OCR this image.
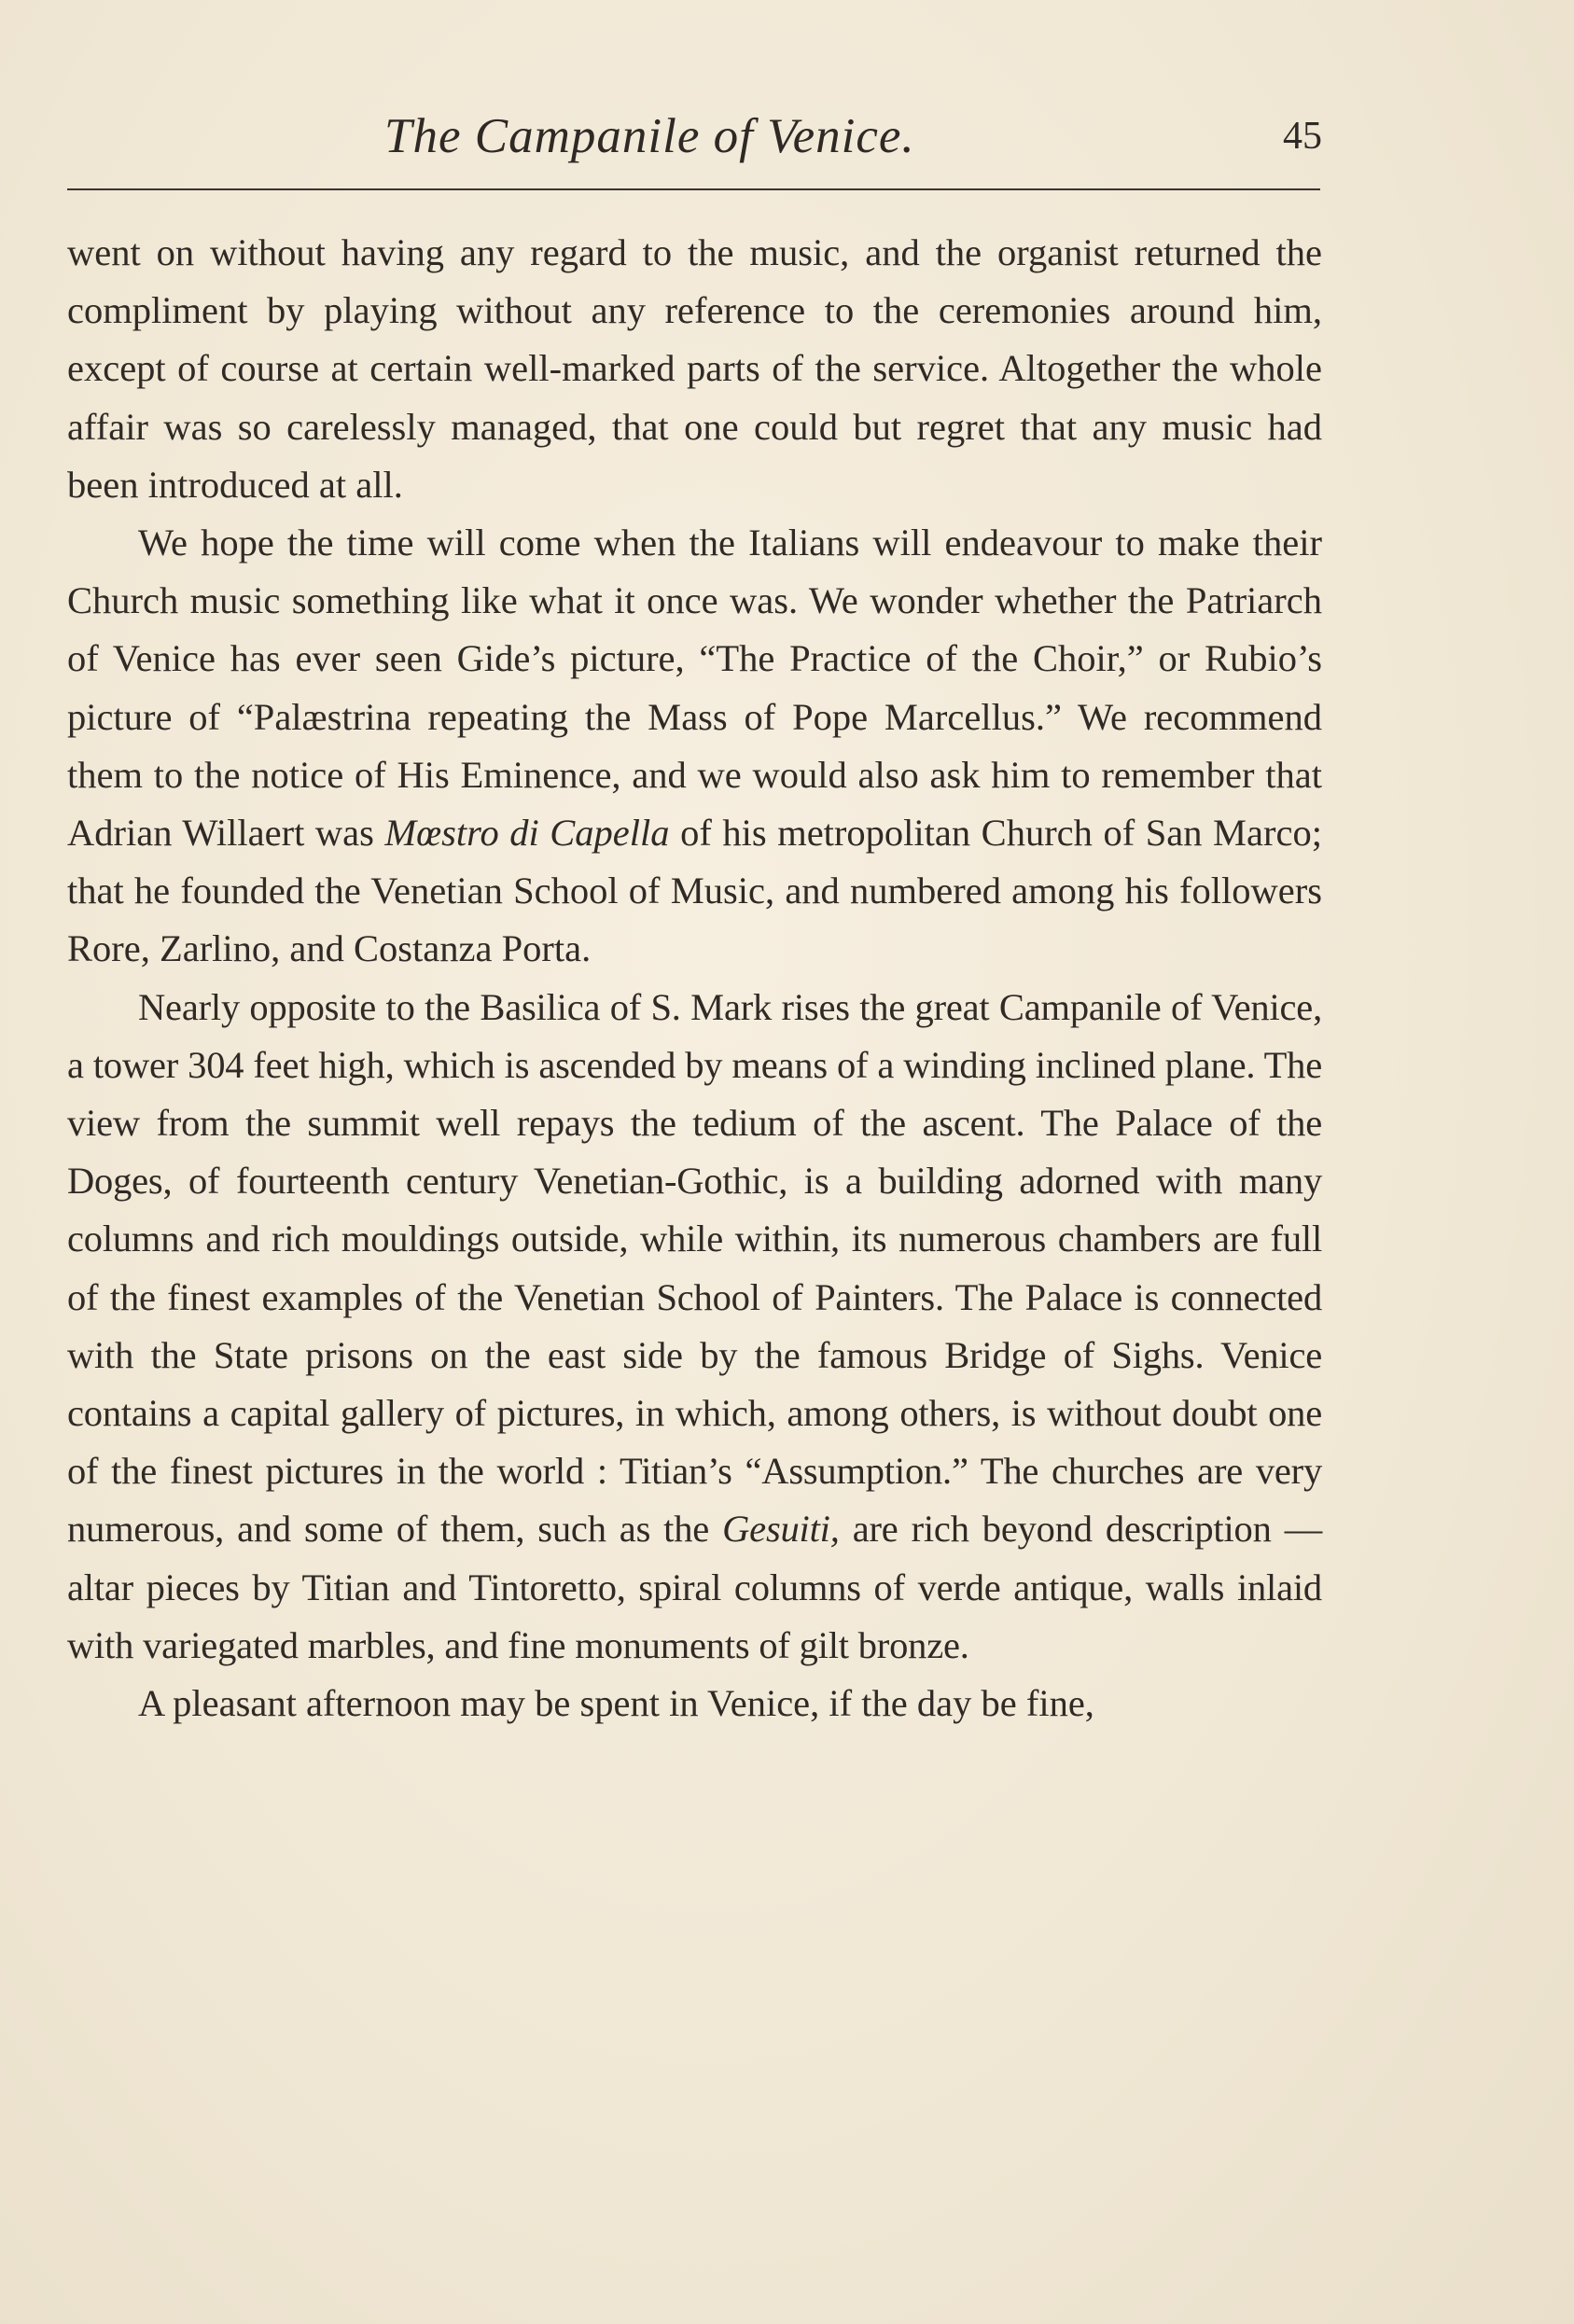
The Campanile of Venice.	45

went on without having any regard to the music, and the organist returned the compliment by playing without any reference to the ceremonies around him, except of course at certain well-marked parts of the service. Altogether the whole affair was so carelessly managed, that one could but regret that any music had been introduced at all.

We hope the time will come when the Italians will endeavour to make their Church music something like what it once was. We wonder whether the Patriarch of Venice has ever seen Gide’s picture, “The Practice of the Choir,” or Rubio’s picture of “Palæstrina repeating the Mass of Pope Marcellus.” We recommend them to the notice of His Eminence, and we would also ask him to remember that Adrian Willaert was Mœstro di Capella of his metropolitan Church of San Marco; that he founded the Venetian School of Music, and numbered among his followers Rore, Zarlino, and Costanza Porta.

Nearly opposite to the Basilica of S. Mark rises the great Campanile of Venice, a tower 304 feet high, which is ascended by means of a winding inclined plane. The view from the summit well repays the tedium of the ascent. The Palace of the Doges, of fourteenth century Venetian-Gothic, is a building adorned with many columns and rich mouldings outside, while within, its numerous chambers are full of the finest examples of the Venetian School of Painters. The Palace is connected with the State prisons on the east side by the famous Bridge of Sighs. Venice contains a capital gallery of pictures, in which, among others, is without doubt one of the finest pictures in the world : Titian’s “Assumption.” The churches are very numerous, and some of them, such as the Gesuiti, are rich beyond description — altar pieces by Titian and Tintoretto, spiral columns of verde antique, walls inlaid with variegated marbles, and fine monuments of gilt bronze.

A pleasant afternoon may be spent in Venice, if the day be fine,
